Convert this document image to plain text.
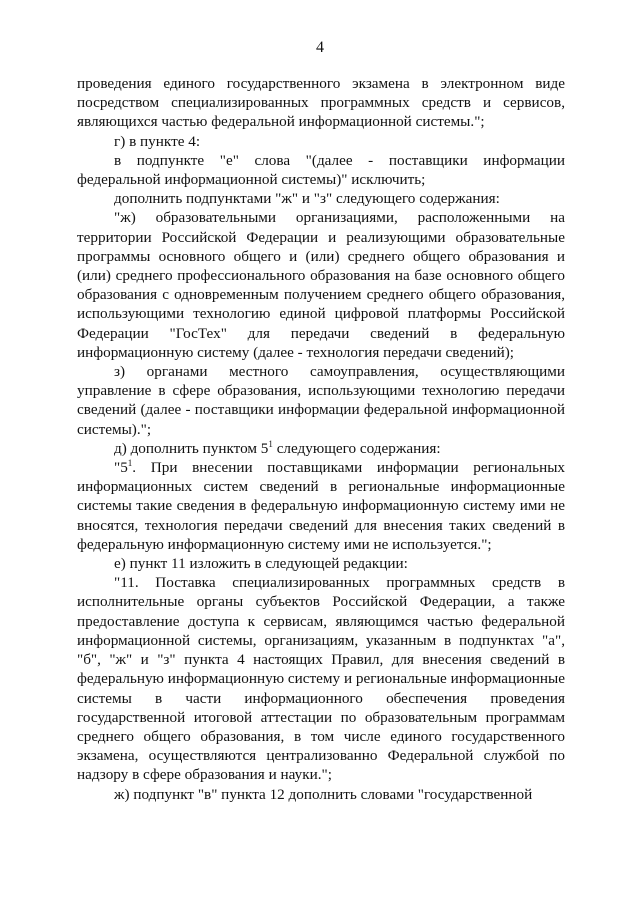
4

проведения единого государственного экзамена в электронном виде посредством специализированных программных средств и сервисов, являющихся частью федеральной информационной системы.";

г) в пункте 4:

в подпункте "е" слова "(далее - поставщики информации федеральной информационной системы)" исключить;

дополнить подпунктами "ж" и "з" следующего содержания:

"ж) образовательными организациями, расположенными на территории Российской Федерации и реализующими образовательные программы основного общего и (или) среднего общего образования и (или) среднего профессионального образования на базе основного общего образования с одновременным получением среднего общего образования, использующими технологию единой цифровой платформы Российской Федерации "ГосТех" для передачи сведений в федеральную информационную систему (далее - технология передачи сведений);

з) органами местного самоуправления, осуществляющими управление в сфере образования, использующими технологию передачи сведений (далее - поставщики информации федеральной информационной системы).";

д) дополнить пунктом $5^1$ следующего содержания:

"$5^1$. При внесении поставщиками информации региональных информационных систем сведений в региональные информационные системы такие сведения в федеральную информационную систему ими не вносятся, технология передачи сведений для внесения таких сведений в федеральную информационную систему ими не используется.";

е) пункт 11 изложить в следующей редакции:

"11. Поставка специализированных программных средств в исполнительные органы субъектов Российской Федерации, а также предоставление доступа к сервисам, являющимся частью федеральной информационной системы, организациям, указанным в подпунктах "а", "б", "ж" и "з" пункта 4 настоящих Правил, для внесения сведений в федеральную информационную систему и региональные информационные системы в части информационного обеспечения проведения государственной итоговой аттестации по образовательным программам среднего общего образования, в том числе единого государственного экзамена, осуществляются централизованно Федеральной службой по надзору в сфере образования и науки.";

ж) подпункт "в" пункта 12 дополнить словами "государственной
